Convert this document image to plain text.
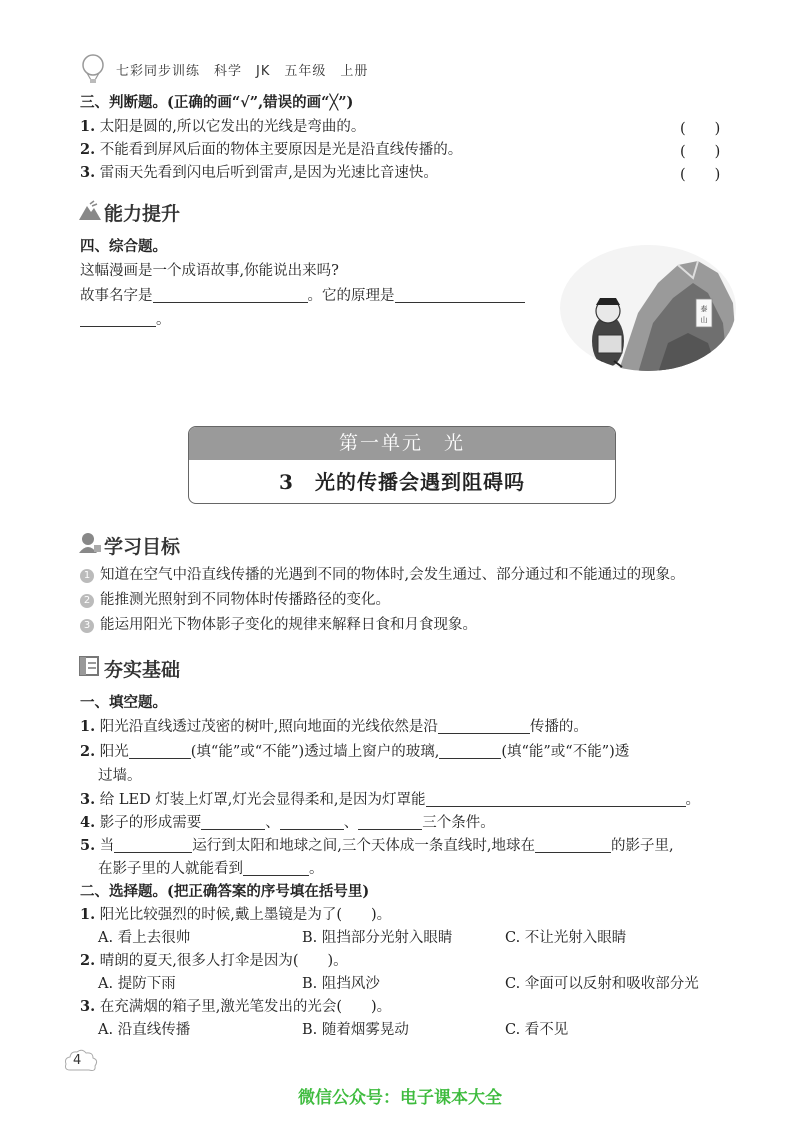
七彩同步训练　科学　JK　五年级　上册
三、判断题。(正确的画“√”,错误的画“╳”)
1. 太阳是圆的,所以它发出的光线是弯曲的。	(　　)
2. 不能看到屏风后面的物体主要原因是光是沿直线传播的。	(　　)
3. 雷雨天先看到闪电后听到雷声,是因为光速比音速快。	(　　)
能力提升
四、综合题。
这幅漫画是一个成语故事,你能说出来吗?
故事名字是	。它的原理是
。
泰
山
第一单元　光
3　光的传播会遇到阻碍吗
学习目标
1 知道在空气中沿直线传播的光遇到不同的物体时,会发生通过、部分通过和不能通过的现象。
2 能推测光照射到不同物体时传播路径的变化。
3 能运用阳光下物体影子变化的规律来解释日食和月食现象。
夯实基础
一、填空题。
1. 阳光沿直线透过茂密的树叶,照向地面的光线依然是沿	传播的。
2. 阳光	(填“能”或“不能”)透过墙上窗户的玻璃,	(填“能”或“不能”)透
过墙。
3. 给 LED 灯装上灯罩,灯光会显得柔和,是因为灯罩能	。
4. 影子的形成需要	、	、	三个条件。
5. 当	运行到太阳和地球之间,三个天体成一条直线时,地球在	的影子里,
在影子里的人就能看到	。
二、选择题。(把正确答案的序号填在括号里)
1. 阳光比较强烈的时候,戴上墨镜是为了(　　)。
A. 看上去很帅	B. 阻挡部分光射入眼睛	C. 不让光射入眼睛
2. 晴朗的夏天,很多人打伞是因为(　　)。
A. 提防下雨	B. 阻挡风沙	C. 伞面可以反射和吸收部分光
3. 在充满烟的箱子里,激光笔发出的光会(　　)。
A. 沿直线传播	B. 随着烟雾晃动	C. 看不见
4
微信公众号：电子课本大全
